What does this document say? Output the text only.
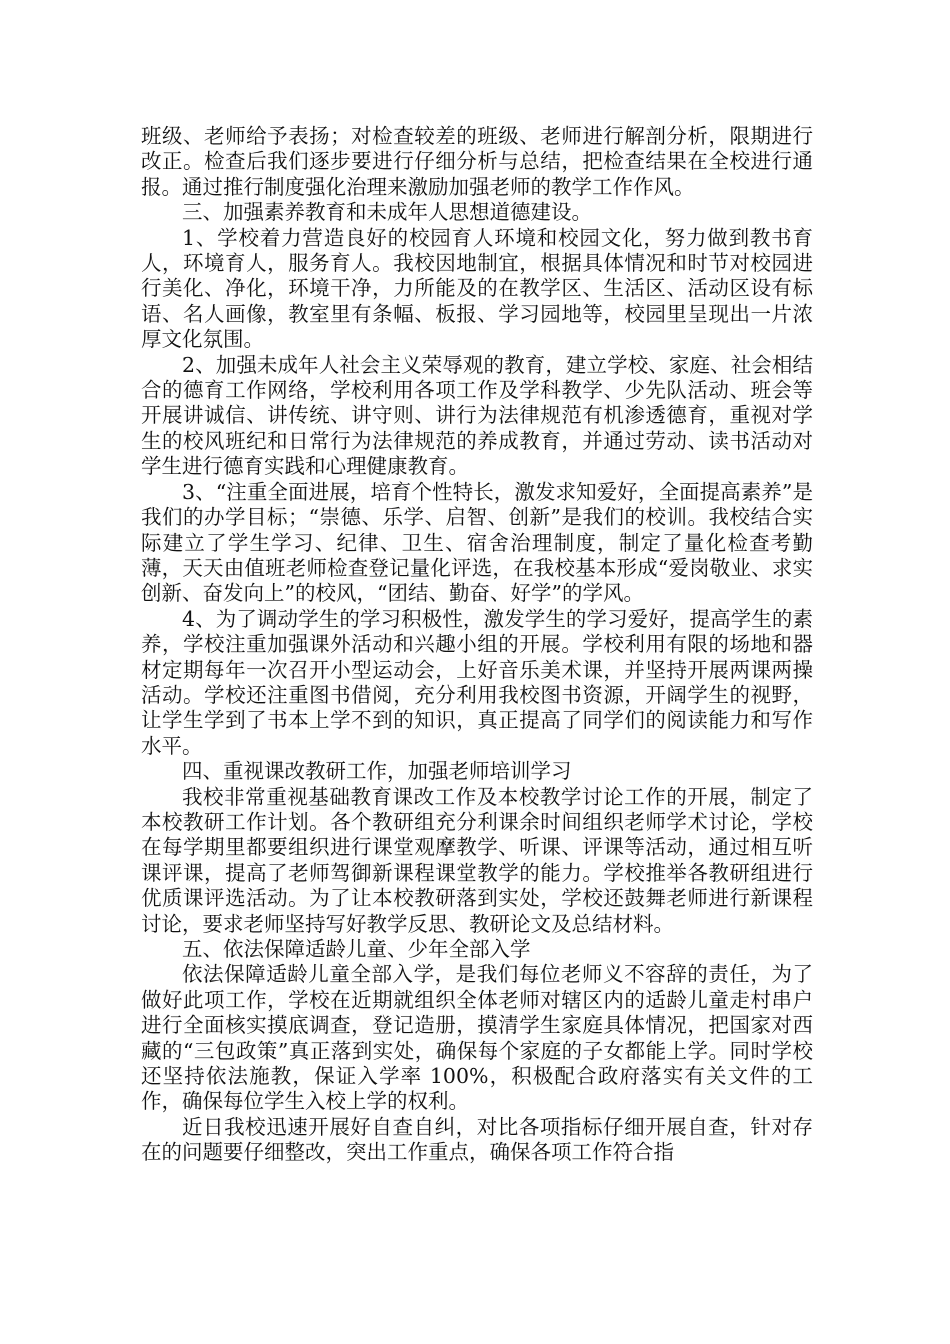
班级、老师给予表扬；对检查较差的班级、老师进行解剖分析，限期进行改正。检查后我们逐步要进行仔细分析与总结，把检查结果在全校进行通报。通过推行制度强化治理来激励加强老师的教学工作作风。

三、加强素养教育和未成年人思想道德建设。

1、学校着力营造良好的校园育人环境和校园文化，努力做到教书育人，环境育人，服务育人。我校因地制宜，根据具体情况和时节对校园进行美化、净化，环境干净，力所能及的在教学区、生活区、活动区设有标语、名人画像，教室里有条幅、板报、学习园地等，校园里呈现出一片浓厚文化氛围。

2、加强未成年人社会主义荣辱观的教育，建立学校、家庭、社会相结合的德育工作网络，学校利用各项工作及学科教学、少先队活动、班会等开展讲诚信、讲传统、讲守则、讲行为法律规范有机渗透德育，重视对学生的校风班纪和日常行为法律规范的养成教育，并通过劳动、读书活动对学生进行德育实践和心理健康教育。

3、“注重全面进展，培育个性特长，激发求知爱好，全面提高素养”是我们的办学目标；“崇德、乐学、启智、创新”是我们的校训。我校结合实际建立了学生学习、纪律、卫生、宿舍治理制度，制定了量化检查考勤薄，天天由值班老师检查登记量化评选，在我校基本形成“爱岗敬业、求实创新、奋发向上”的校风，“团结、勤奋、好学”的学风。

4、为了调动学生的学习积极性，激发学生的学习爱好，提高学生的素养，学校注重加强课外活动和兴趣小组的开展。学校利用有限的场地和器材定期每年一次召开小型运动会，上好音乐美术课，并坚持开展两课两操活动。学校还注重图书借阅，充分利用我校图书资源，开阔学生的视野，让学生学到了书本上学不到的知识，真正提高了同学们的阅读能力和写作水平。

四、重视课改教研工作，加强老师培训学习

我校非常重视基础教育课改工作及本校教学讨论工作的开展，制定了本校教研工作计划。各个教研组充分利课余时间组织老师学术讨论，学校在每学期里都要组织进行课堂观摩教学、听课、评课等活动，通过相互听课评课，提高了老师驾御新课程课堂教学的能力。学校推举各教研组进行优质课评选活动。为了让本校教研落到实处，学校还鼓舞老师进行新课程讨论，要求老师坚持写好教学反思、教研论文及总结材料。

五、依法保障适龄儿童、少年全部入学

依法保障适龄儿童全部入学，是我们每位老师义不容辞的责任，为了做好此项工作，学校在近期就组织全体老师对辖区内的适龄儿童走村串户进行全面核实摸底调查，登记造册，摸清学生家庭具体情况，把国家对西藏的“三包政策”真正落到实处，确保每个家庭的子女都能上学。同时学校还坚持依法施教，保证入学率 100%，积极配合政府落实有关文件的工作，确保每位学生入校上学的权利。

近日我校迅速开展好自查自纠，对比各项指标仔细开展自查，针对存在的问题要仔细整改，突出工作重点，确保各项工作符合指
